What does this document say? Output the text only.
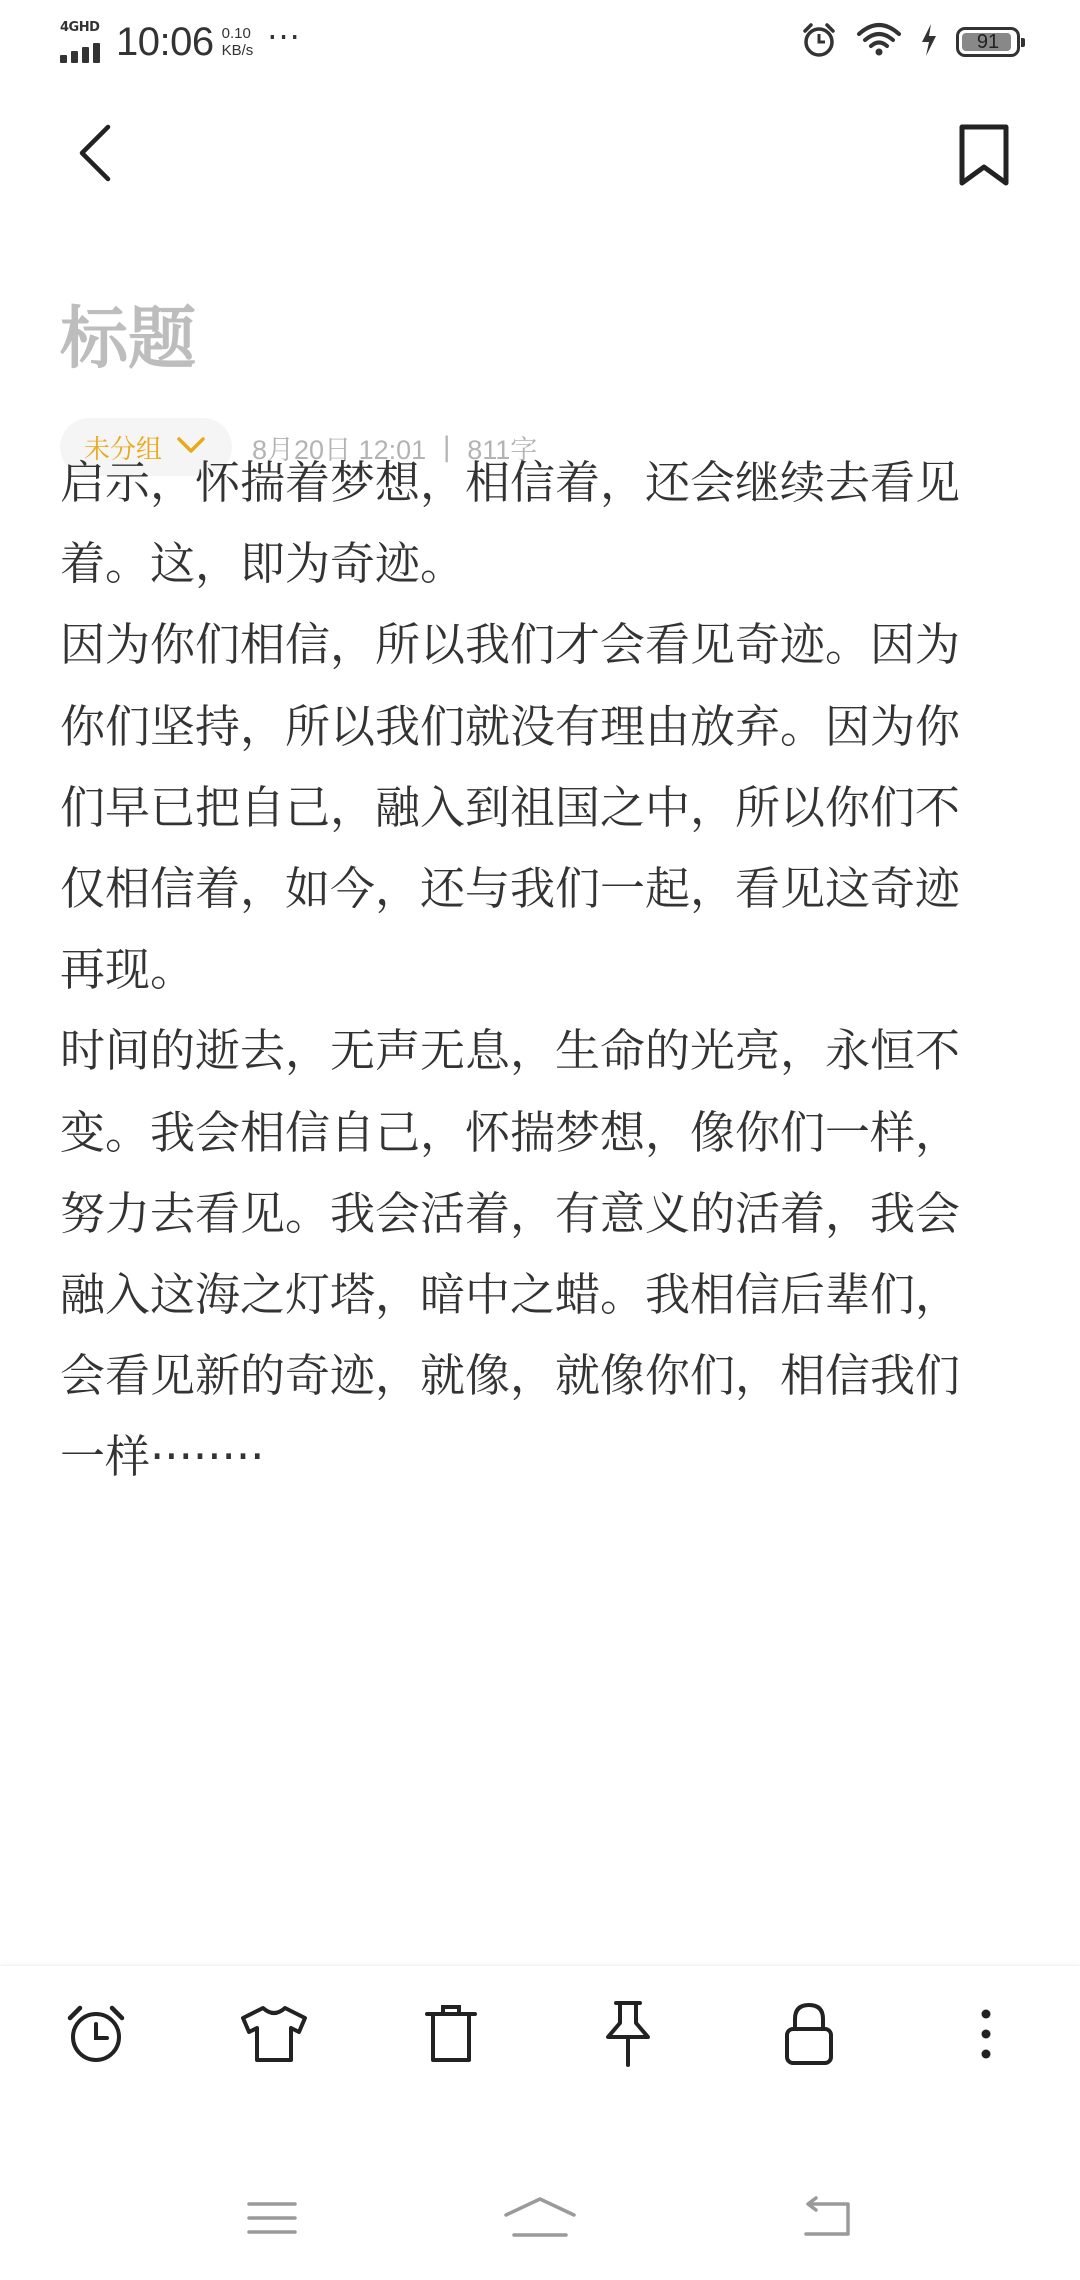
4GHD 10:06 0.10
KB/s ···	91
标题
未分组	8月20日 12:01 | 811字

启示，怀揣着梦想，相信着，还会继续去看见

着。这，即为奇迹。

因为你们相信，所以我们才会看见奇迹。因为

你们坚持，所以我们就没有理由放弃。因为你

们早已把自己，融入到祖国之中，所以你们不

仅相信着，如今，还与我们一起，看见这奇迹

再现。

时间的逝去，无声无息，生命的光亮，永恒不

变。我会相信自己，怀揣梦想，像你们一样，

努力去看见。我会活着，有意义的活着，我会

融入这海之灯塔，暗中之蜡。我相信后辈们，

会看见新的奇迹，就像，就像你们，相信我们

一样········
